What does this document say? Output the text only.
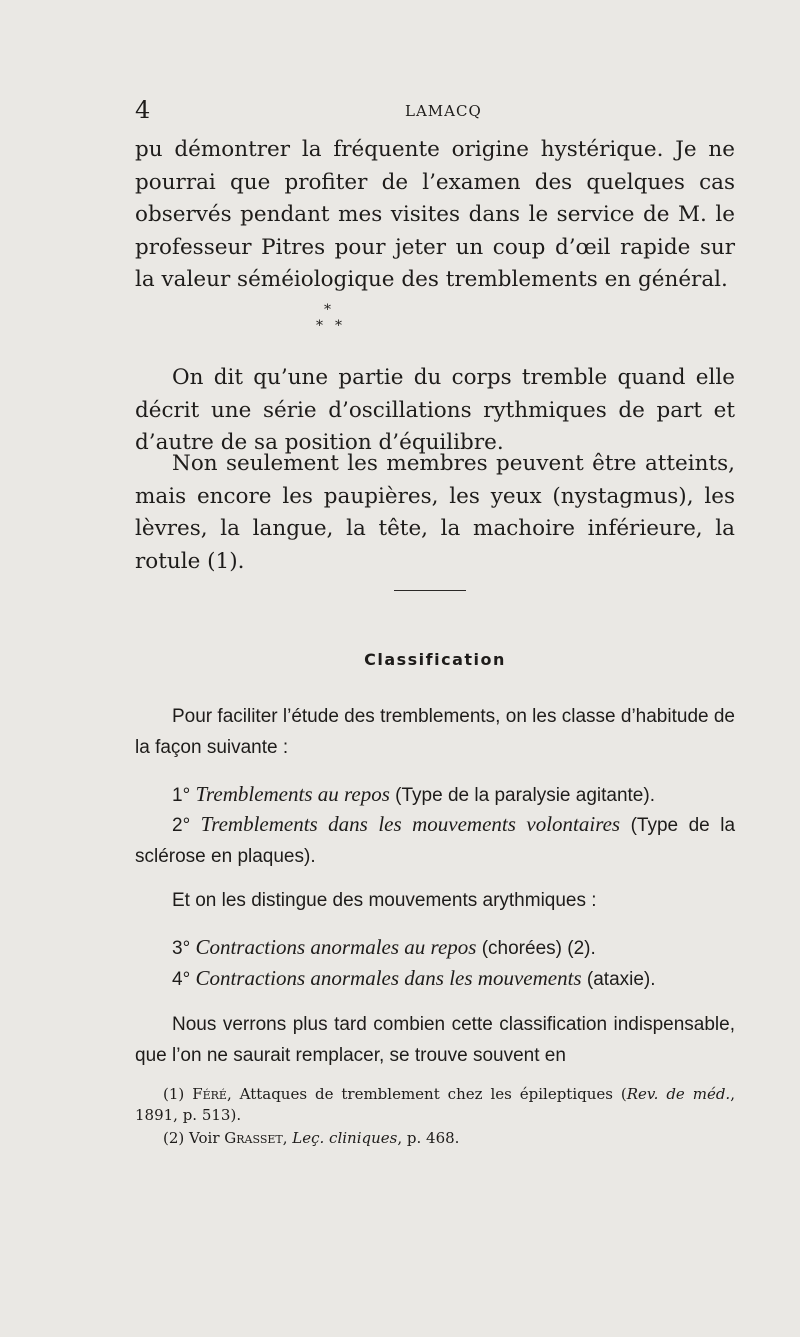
4	LAMACQ

pu démontrer la fréquente origine hystérique. Je ne pourrai que profiter de l’examen des quelques cas observés pendant mes visites dans le service de M. le professeur Pitres pour jeter un coup d’œil rapide sur la valeur séméiologique des tremblements en général.

*
* *

On dit qu’une partie du corps tremble quand elle décrit une série d’oscillations rythmiques de part et d’autre de sa position d’équilibre.

Non seulement les membres peuvent être atteints, mais encore les paupières, les yeux (nystagmus), les lèvres, la langue, la tête, la machoire inférieure, la rotule (1).

Classification

Pour faciliter l’étude des tremblements, on les classe d’habitude de la façon suivante :

1° Tremblements au repos (Type de la paralysie agitante).

2° Tremblements dans les mouvements volontaires (Type de la sclérose en plaques).

Et on les distingue des mouvements arythmiques :

3° Contractions anormales au repos (chorées) (2).

4° Contractions anormales dans les mouvements (ataxie).

Nous verrons plus tard combien cette classification indispensable, que l’on ne saurait remplacer, se trouve souvent en

(1) Féré, Attaques de tremblement chez les épileptiques (Rev. de méd., 1891, p. 513).

(2) Voir Grasset, Leç. cliniques, p. 468.
